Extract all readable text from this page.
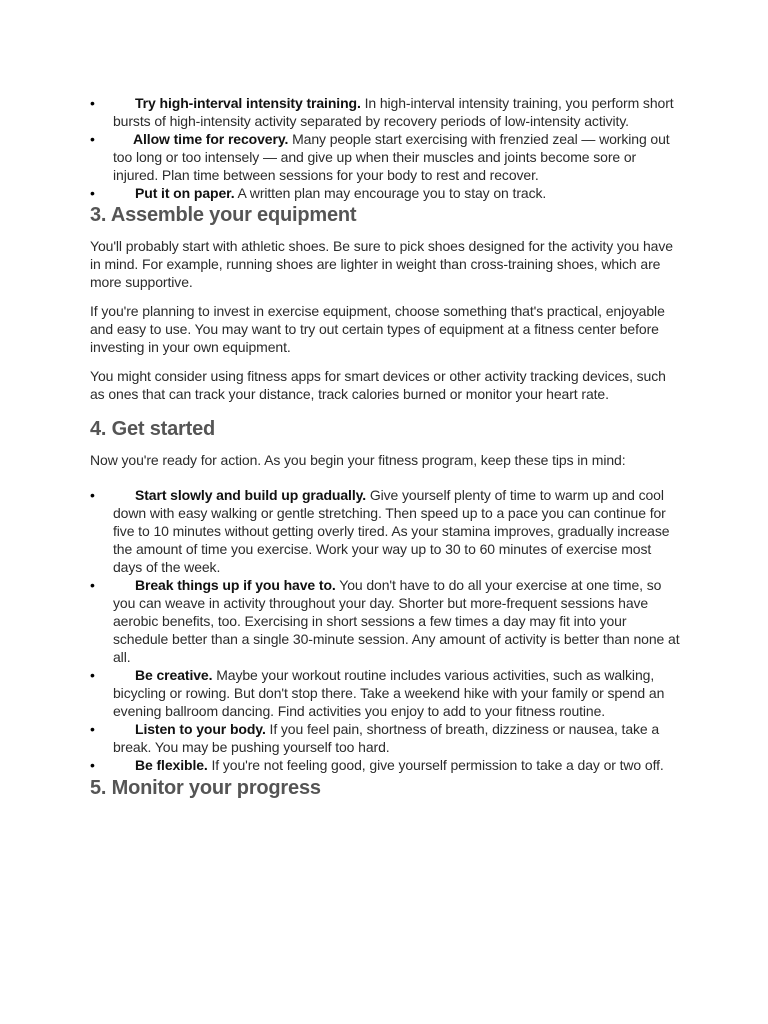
•	Try high-interval intensity training. In high-interval intensity training, you perform short bursts of high-intensity activity separated by recovery periods of low-intensity activity.
•	Allow time for recovery. Many people start exercising with frenzied zeal — working out too long or too intensely — and give up when their muscles and joints become sore or injured. Plan time between sessions for your body to rest and recover.
•	Put it on paper. A written plan may encourage you to stay on track.
3. Assemble your equipment

You'll probably start with athletic shoes. Be sure to pick shoes designed for the activity you have in mind. For example, running shoes are lighter in weight than cross-training shoes, which are more supportive.

If you're planning to invest in exercise equipment, choose something that's practical, enjoyable and easy to use. You may want to try out certain types of equipment at a fitness center before investing in your own equipment.

You might consider using fitness apps for smart devices or other activity tracking devices, such as ones that can track your distance, track calories burned or monitor your heart rate.

4. Get started

Now you're ready for action. As you begin your fitness program, keep these tips in mind:

•	Start slowly and build up gradually. Give yourself plenty of time to warm up and cool down with easy walking or gentle stretching. Then speed up to a pace you can continue for five to 10 minutes without getting overly tired. As your stamina improves, gradually increase the amount of time you exercise. Work your way up to 30 to 60 minutes of exercise most days of the week.
•	Break things up if you have to. You don't have to do all your exercise at one time, so you can weave in activity throughout your day. Shorter but more-frequent sessions have aerobic benefits, too. Exercising in short sessions a few times a day may fit into your schedule better than a single 30-minute session. Any amount of activity is better than none at all.
•	Be creative. Maybe your workout routine includes various activities, such as walking, bicycling or rowing. But don't stop there. Take a weekend hike with your family or spend an evening ballroom dancing. Find activities you enjoy to add to your fitness routine.
•	Listen to your body. If you feel pain, shortness of breath, dizziness or nausea, take a break. You may be pushing yourself too hard.
•	Be flexible. If you're not feeling good, give yourself permission to take a day or two off.
5. Monitor your progress
